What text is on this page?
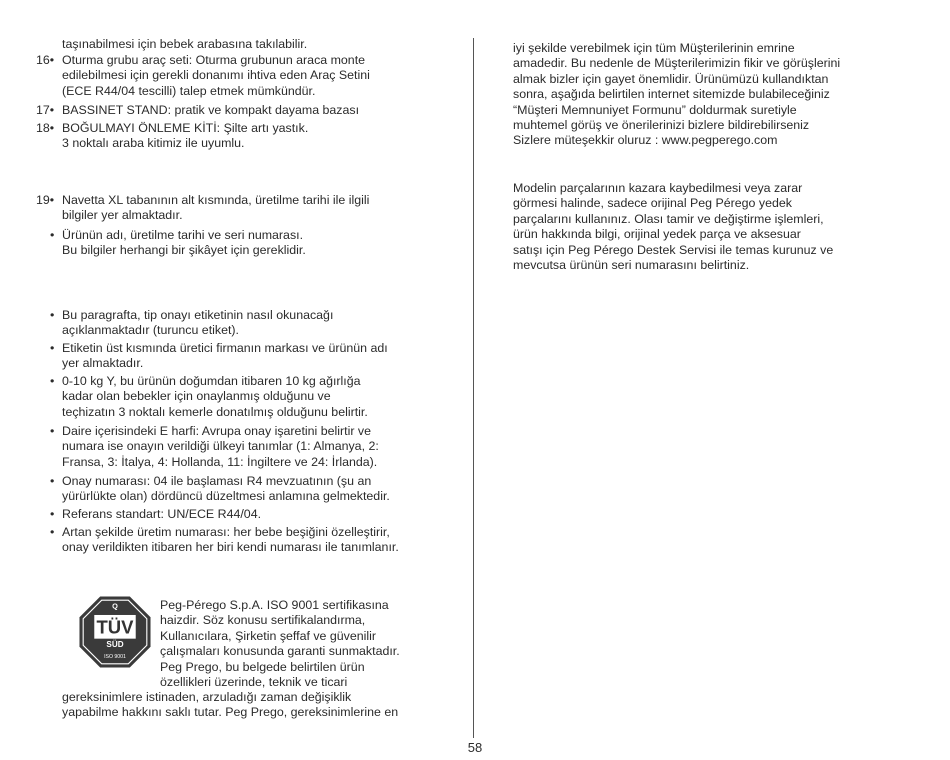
taşınabilmesi için bebek arabasına takılabilir.
16• Oturma grubu araç seti: Oturma grubunun araca monte
edilebilmesi için gerekli donanımı ihtiva eden Araç Setini
(ECE R44/04 tescilli) talep etmek mümkündür.
17• BASSINET STAND: pratik ve kompakt dayama bazası
18• BOĞULMAYI ÖNLEME KİTİ: Şilte artı yastık.
3 noktalı araba kitimiz ile uyumlu.
19• Navetta XL tabanının alt kısmında, üretilme tarihi ile ilgili
bilgiler yer almaktadır.
• Ürünün adı, üretilme tarihi ve seri numarası.
Bu bilgiler herhangi bir şikâyet için gereklidir.
• Bu paragrafta, tip onayı etiketinin nasıl okunacağı
açıklanmaktadır (turuncu etiket).
• Etiketin üst kısmında üretici firmanın markası ve ürünün adı
yer almaktadır.
• 0-10 kg Y, bu ürünün doğumdan itibaren 10 kg ağırlığa
kadar olan bebekler için onaylanmış olduğunu ve
teçhizatın 3 noktalı kemerle donatılmış olduğunu belirtir.
• Daire içerisindeki E harfi: Avrupa onay işaretini belirtir ve
numara ise onayın verildiği ülkeyi tanımlar (1: Almanya, 2:
Fransa, 3: İtalya, 4: Hollanda, 11: İngiltere ve 24: İrlanda).
• Onay numarası: 04 ile başlaması R4 mevzuatının (şu an
yürürlükte olan) dördüncü düzeltmesi anlamına gelmektedir.
• Referans standart: UN/ECE R44/04.
• Artan şekilde üretim numarası: her bebe beşiğini özelleştirir,
onay verildikten itibaren her biri kendi numarası ile tanımlanır.
Q
TÜV
SÜD
ISO 9001
Peg-Pérego S.p.A. ISO 9001 sertifikasına
haizdir. Söz konusu sertifikalandırma,
Kullanıcılara, Şirketin şeffaf ve güvenilir
çalışmaları konusunda garanti sunmaktadır.
Peg Prego, bu belgede belirtilen ürün
özellikleri üzerinde, teknik ve ticari
gereksinimlere istinaden, arzuladığı zaman değişiklik
yapabilme hakkını saklı tutar. Peg Prego, gereksinimlerine en
iyi şekilde verebilmek için tüm Müşterilerinin emrine
amadedir. Bu nedenle de Müşterilerimizin fikir ve görüşlerini
almak bizler için gayet önemlidir. Ürünümüzü kullandıktan
sonra, aşağıda belirtilen internet sitemizde bulabileceğiniz
“Müşteri Memnuniyet Formunu” doldurmak suretiyle
muhtemel görüş ve önerilerinizi bizlere bildirebilirseniz
Sizlere müteşekkir oluruz : www.pegperego.com
Modelin parçalarının kazara kaybedilmesi veya zarar
görmesi halinde, sadece orijinal Peg Pérego yedek
parçalarını kullanınız. Olası tamir ve değiştirme işlemleri,
ürün hakkında bilgi, orijinal yedek parça ve aksesuar
satışı için Peg Pérego Destek Servisi ile temas kurunuz ve
mevcutsa ürünün seri numarasını belirtiniz.
58
